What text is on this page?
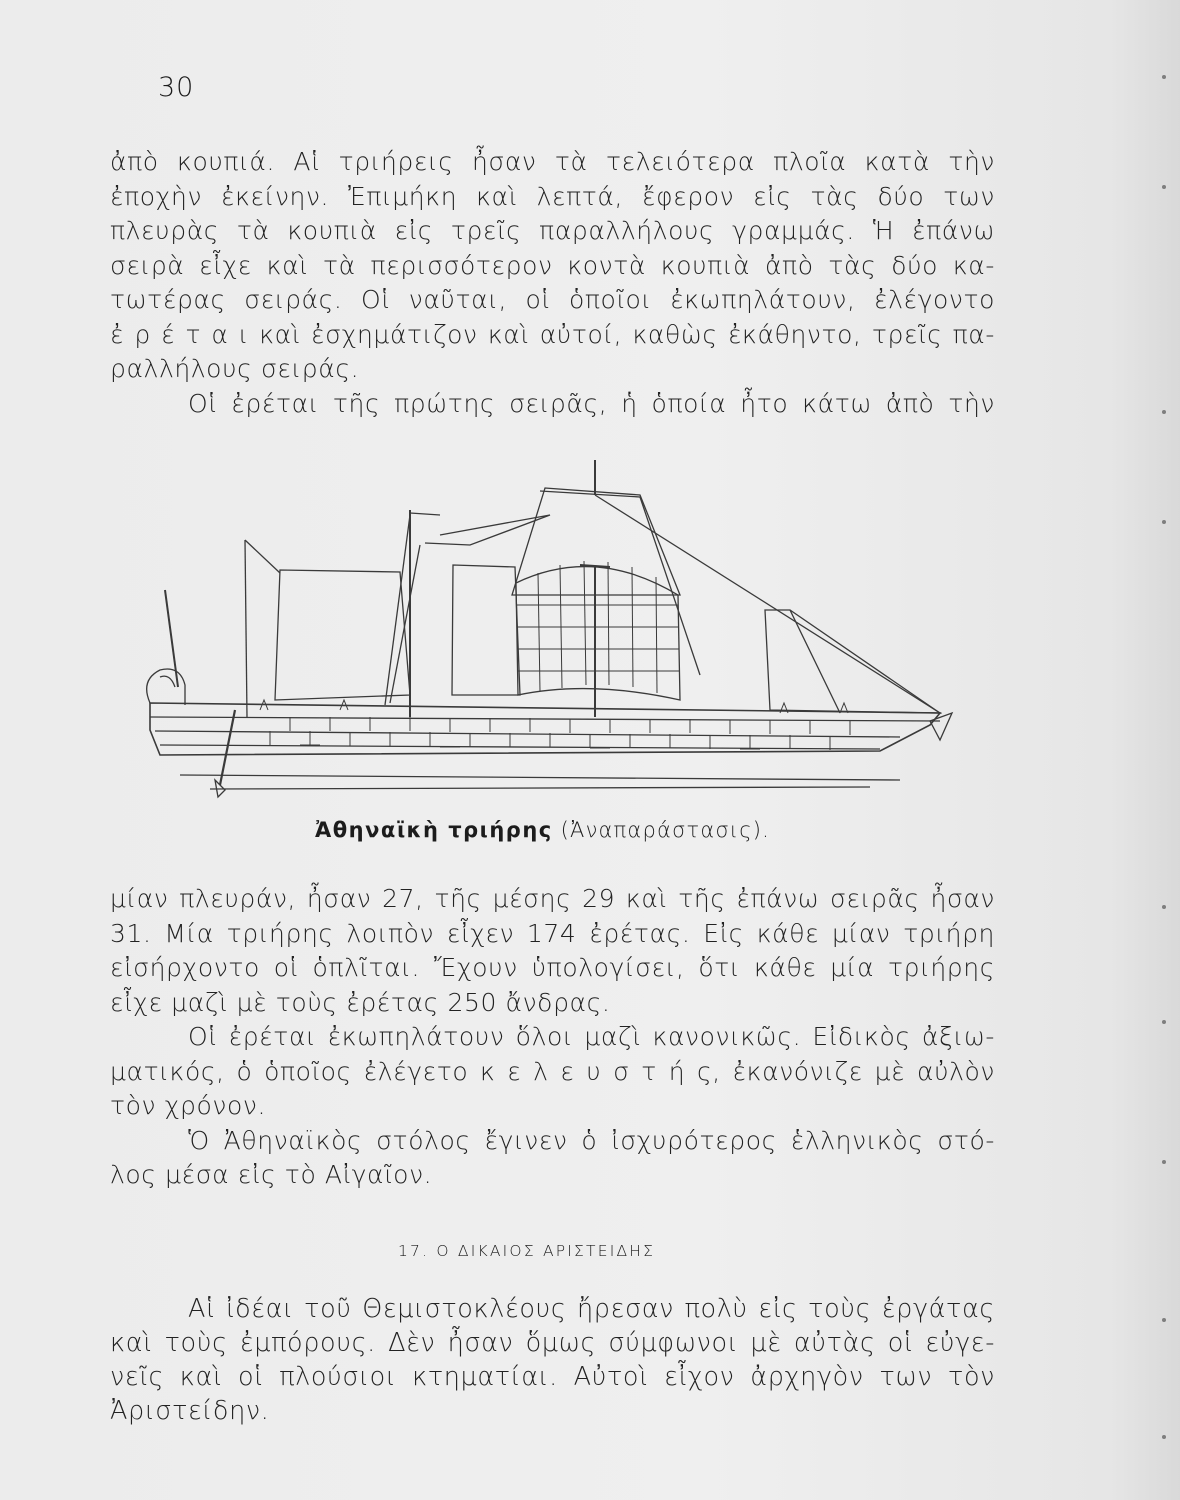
30
ἀπὸ κουπιά. Αἱ τριήρεις ἦσαν τὰ τελειότερα πλοῖα κατὰ τὴν
ἐποχὴν ἐκείνην. Ἐπιμήκη καὶ λεπτά, ἔφερον εἰς τὰς δύο των
πλευρὰς τὰ κουπιὰ εἰς τρεῖς παραλλήλους γραμμάς. Ἡ ἐπάνω
σειρὰ εἶχε καὶ τὰ περισσότερον κοντὰ κουπιὰ ἀπὸ τὰς δύο κα-
τωτέρας σειράς. Οἱ ναῦται, οἱ ὁποῖοι ἐκωπηλάτουν, ἐλέγοντο
ἐ ρ έ τ α ι καὶ ἐσχημάτιζον καὶ αὐτοί, καθὼς ἐκάθηντο, τρεῖς πα-
ραλλήλους σειράς.
Οἱ ἐρέται τῆς πρώτης σειρᾶς, ἡ ὁποία ἦτο κάτω ἀπὸ τὴν
Ἀθηναϊκὴ τριήρης (Ἀναπαράστασις).
μίαν πλευράν, ἦσαν 27, τῆς μέσης 29 καὶ τῆς ἐπάνω σειρᾶς ἦσαν
31. Μία τριήρης λοιπὸν εἶχεν 174 ἐρέτας. Εἰς κάθε μίαν τριήρη
εἰσήρχοντο οἱ ὁπλῖται. Ἔχουν ὑπολογίσει, ὅτι κάθε μία τριήρης
εἶχε μαζὶ μὲ τοὺς ἐρέτας 250 ἄνδρας.
Οἱ ἐρέται ἐκωπηλάτουν ὅλοι μαζὶ κανονικῶς. Εἰδικὸς ἀξιω-
ματικός, ὁ ὁποῖος ἐλέγετο κ ε λ ε υ σ τ ή ς, ἐκανόνιζε μὲ αὐλὸν
τὸν χρόνον.
Ὁ Ἀθηναϊκὸς στόλος ἔγινεν ὁ ἰσχυρότερος ἑλληνικὸς στό-
λος μέσα εἰς τὸ Αἰγαῖον.
17. Ο ΔΙΚΑΙΟΣ ΑΡΙΣΤΕΙΔΗΣ
Αἱ ἰδέαι τοῦ Θεμιστοκλέους ἤρεσαν πολὺ εἰς τοὺς ἐργάτας
καὶ τοὺς ἐμπόρους. Δὲν ἦσαν ὅμως σύμφωνοι μὲ αὐτὰς οἱ εὐγε-
νεῖς καὶ οἱ πλούσιοι κτηματίαι. Αὐτοὶ εἶχον ἀρχηγὸν των τὸν
Ἀριστείδην.
